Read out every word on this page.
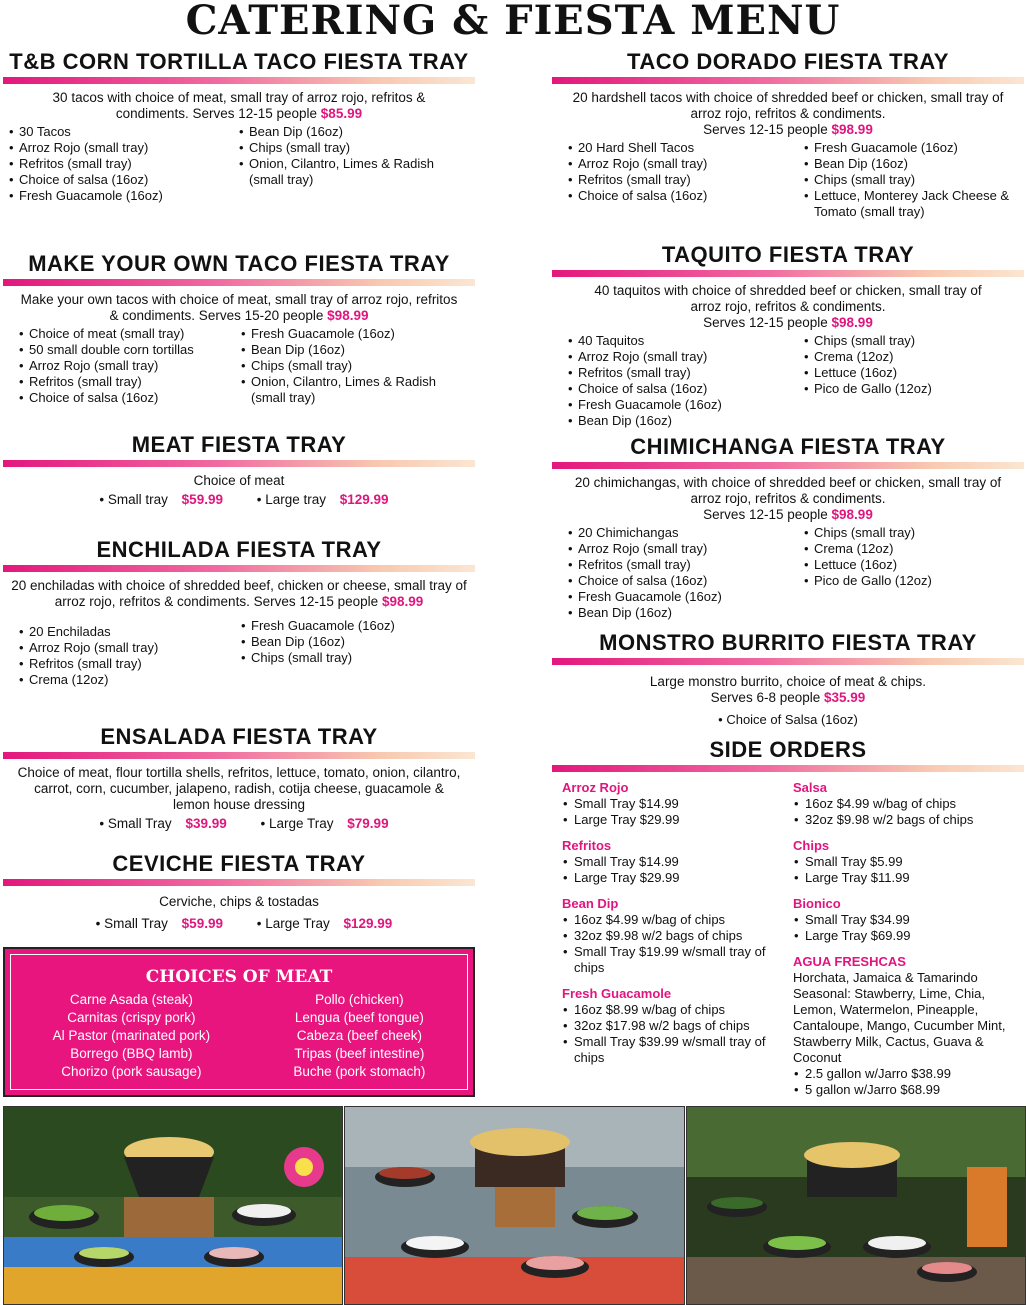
CATERING & FIESTA MENU
T&B CORN TORTILLA TACO FIESTA TRAY
30 tacos with choice of meat, small tray of arroz rojo, refritos & condiments. Serves 12-15 people $85.99
• 30 Tacos
• Arroz Rojo (small tray)
• Refritos (small tray)
• Choice of salsa (16oz)
• Fresh Guacamole (16oz)
• Bean Dip (16oz)
• Chips (small tray)
• Onion, Cilantro, Limes & Radish (small tray)
MAKE YOUR OWN TACO FIESTA TRAY
Make your own tacos with choice of meat, small tray of arroz rojo, refritos & condiments. Serves 15-20 people $98.99
• Choice of meat (small tray)
• 50 small double corn tortillas
• Arroz Rojo (small tray)
• Refritos (small tray)
• Choice of salsa (16oz)
• Fresh Guacamole (16oz)
• Bean Dip (16oz)
• Chips (small tray)
• Onion, Cilantro, Limes & Radish (small tray)
MEAT FIESTA TRAY
Choice of meat
• Small tray $59.99	• Large tray $129.99
ENCHILADA FIESTA TRAY
20 enchiladas with choice of shredded beef, chicken or cheese, small tray of arroz rojo, refritos & condiments. Serves 12-15 people $98.99
• 20 Enchiladas
• Arroz Rojo (small tray)
• Refritos (small tray)
• Crema (12oz)
• Fresh Guacamole (16oz)
• Bean Dip (16oz)
• Chips (small tray)
ENSALADA FIESTA TRAY
Choice of meat, flour tortilla shells, refritos, lettuce, tomato, onion, cilantro, carrot, corn, cucumber, jalapeno, radish, cotija cheese, guacamole & lemon house dressing
• Small Tray $39.99	• Large Tray $79.99
CEVICHE FIESTA TRAY
Cerviche, chips & tostadas
• Small Tray $59.99	• Large Tray $129.99
CHOICES OF MEAT
Carne Asada (steak)
Carnitas (crispy pork)
Al Pastor (marinated pork)
Borrego (BBQ lamb)
Chorizo (pork sausage)
Pollo (chicken)
Lengua (beef tongue)
Cabeza (beef cheek)
Tripas (beef intestine)
Buche (pork stomach)
TACO DORADO FIESTA TRAY
20 hardshell tacos with choice of shredded beef or chicken, small tray of arroz rojo, refritos & condiments.
Serves 12-15 people $98.99
• 20 Hard Shell Tacos
• Arroz Rojo (small tray)
• Refritos (small tray)
• Choice of salsa (16oz)
• Fresh Guacamole (16oz)
• Bean Dip (16oz)
• Chips (small tray)
• Lettuce, Monterey Jack Cheese & Tomato (small tray)
TAQUITO FIESTA TRAY
40 taquitos with choice of shredded beef or chicken, small tray of arroz rojo, refritos & condiments.
Serves 12-15 people $98.99
• 40 Taquitos
• Arroz Rojo (small tray)
• Refritos (small tray)
• Choice of salsa (16oz)
• Fresh Guacamole (16oz)
• Bean Dip (16oz)
• Chips (small tray)
• Crema (12oz)
• Lettuce (16oz)
• Pico de Gallo (12oz)
CHIMICHANGA FIESTA TRAY
20 chimichangas, with choice of shredded beef or chicken, small tray of arroz rojo, refritos & condiments.
Serves 12-15 people $98.99
• 20 Chimichangas
• Arroz Rojo (small tray)
• Refritos (small tray)
• Choice of salsa (16oz)
• Fresh Guacamole (16oz)
• Bean Dip (16oz)
• Chips (small tray)
• Crema (12oz)
• Lettuce (16oz)
• Pico de Gallo (12oz)
MONSTRO BURRITO FIESTA TRAY
Large monstro burrito, choice of meat & chips.
Serves 6-8 people $35.99
• Choice of Salsa (16oz)
SIDE ORDERS
Arroz Rojo
• Small Tray $14.99
• Large Tray $29.99
Refritos
• Small Tray $14.99
• Large Tray $29.99
Bean Dip
• 16oz $4.99 w/bag of chips
• 32oz $9.98 w/2 bags of chips
• Small Tray $19.99 w/small tray of chips
Fresh Guacamole
• 16oz $8.99 w/bag of chips
• 32oz $17.98 w/2 bags of chips
• Small Tray $39.99 w/small tray of chips
Salsa
• 16oz $4.99 w/bag of chips
• 32oz $9.98 w/2 bags of chips
Chips
• Small Tray $5.99
• Large Tray $11.99
Bionico
• Small Tray $34.99
• Large Tray $69.99
AGUA FRESHCAS
Horchata, Jamaica & Tamarindo Seasonal: Stawberry, Lime, Chia, Lemon, Watermelon, Pineapple, Cantaloupe, Mango, Cucumber Mint, Stawberry Milk, Cactus, Guava & Coconut
• 2.5 gallon w/Jarro $38.99
• 5 gallon w/Jarro $68.99
